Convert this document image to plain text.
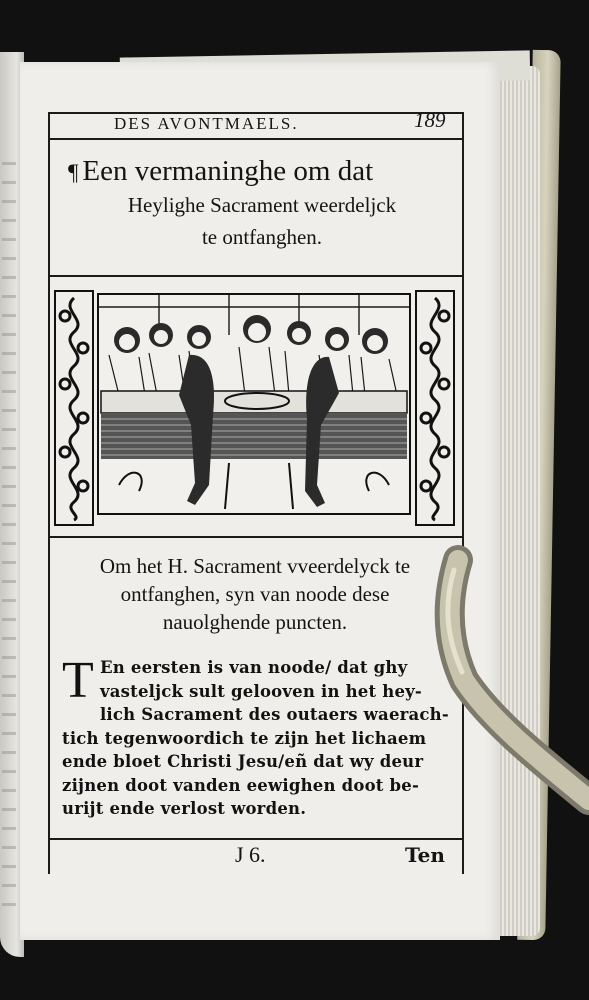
DES AVONTMAELS.	189
¶ Een vermaninghe om dat
Heylighe Sacrament weerdeljck
te ontfanghen.
Om het H. Sacrament vveerdelyck te
ontfanghen, syn van noode dese
nauolghende puncten.
T En eersten is van noode/ dat ghy
vasteljck sult gelooven in het hey-
lich Sacrament des outaers waerach-
tich tegenwoordich te zijn het lichaem
ende bloet Christi Jesu/eñ dat wy deur
zijnen doot vanden eewighen doot be-
urijt ende verlost worden.
J 6.	Ten
